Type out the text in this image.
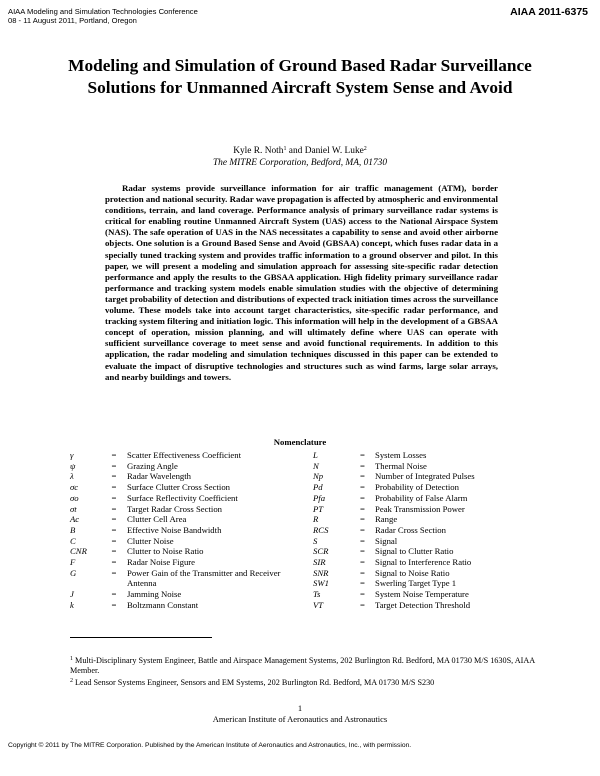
AIAA Modeling and Simulation Technologies Conference
08 - 11 August 2011, Portland, Oregon
AIAA 2011-6375
Modeling and Simulation of Ground Based Radar Surveillance Solutions for Unmanned Aircraft System Sense and Avoid
Kyle R. Noth$^1$ and Daniel W. Luke$^2$
The MITRE Corporation, Bedford, MA, 01730

Radar systems provide surveillance information for air traffic management (ATM), border protection and national security. Radar wave propagation is affected by atmospheric and environmental conditions, terrain, and land coverage. Performance analysis of primary surveillance radar systems is critical for enabling routine Unmanned Aircraft System (UAS) access to the National Airspace System (NAS). The safe operation of UAS in the NAS necessitates a capability to sense and avoid other airborne objects. One solution is a Ground Based Sense and Avoid (GBSAA) concept, which fuses radar data in a specially tuned tracking system and provides traffic information to a ground observer and pilot. In this paper, we will present a modeling and simulation approach for assessing site-specific radar detection performance and apply the results to the GBSAA application. High fidelity primary surveillance radar performance and tracking system models enable simulation studies with the objective of determining target probability of detection and distributions of expected track initiation times across the surveillance volume. These models take into account target characteristics, site-specific radar performance, and tracking system filtering and initiation logic. This information will help in the development of a GBSAA concept of operation, mission planning, and will ultimately define where UAS can operate with sufficient surveillance coverage to meet sense and avoid functional requirements. In addition to this application, the radar modeling and simulation techniques discussed in this paper can be extended to evaluate the impact of disruptive technologies and structures such as wind farms, large solar arrays, and nearby buildings and towers.

Nomenclature
γ	=	Scatter Effectiveness Coefficient
ψ	=	Grazing Angle
λ	=	Radar Wavelength
σc	=	Surface Clutter Cross Section
σo	=	Surface Reflectivity Coefficient
σt	=	Target Radar Cross Section
Ac	=	Clutter Cell Area
B	=	Effective Noise Bandwidth
C	=	Clutter Noise
CNR	=	Clutter to Noise Ratio
F	=	Radar Noise Figure
G	=	Power Gain of the Transmitter and Receiver Antenna
J	=	Jamming Noise
k	=	Boltzmann Constant
L	=	System Losses
N	=	Thermal Noise
Np	=	Number of Integrated Pulses
Pd	=	Probability of Detection
Pfa	=	Probability of False Alarm
PT	=	Peak Transmission Power
R	=	Range
RCS	=	Radar Cross Section
S	=	Signal
SCR	=	Signal to Clutter Ratio
SIR	=	Signal to Interference Ratio
SNR	=	Signal to Noise Ratio
SW1	=	Swerling Target Type 1
Ts	=	System Noise Temperature
VT	=	Target Detection Threshold
$^1$ Multi-Disciplinary System Engineer, Battle and Airspace Management Systems, 202 Burlington Rd. Bedford, MA 01730 M/S 1630S, AIAA Member.
$^2$ Lead Sensor Systems Engineer, Sensors and EM Systems, 202 Burlington Rd. Bedford, MA 01730 M/S S230
1
American Institute of Aeronautics and Astronautics
Copyright © 2011 by The MITRE Corporation. Published by the American Institute of Aeronautics and Astronautics, Inc., with permission.
